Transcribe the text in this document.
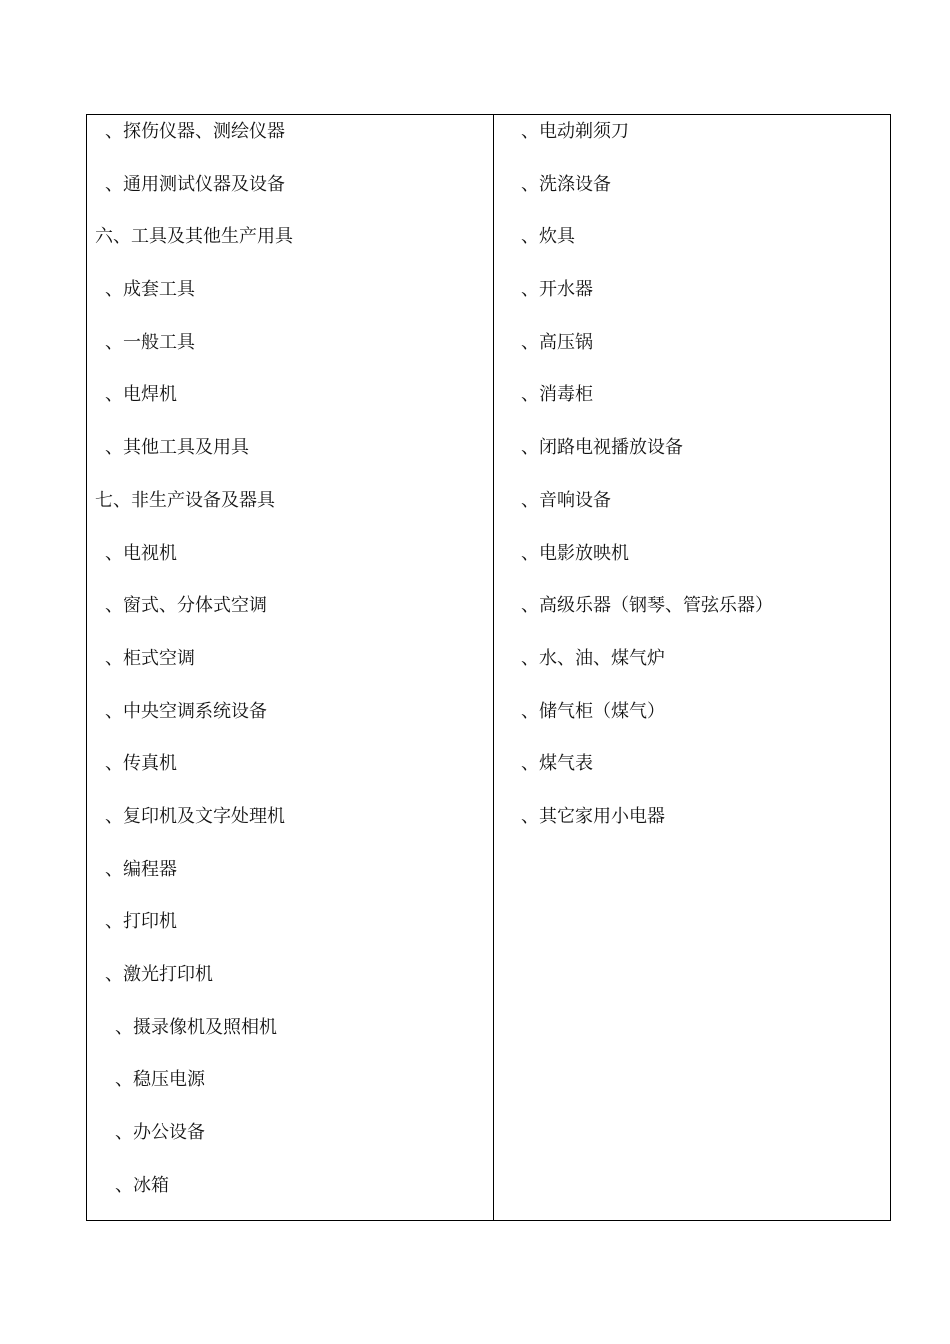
、探伤仪器、测绘仪器
、通用测试仪器及设备
六、工具及其他生产用具
、成套工具
、一般工具
、电焊机
、其他工具及用具
七、非生产设备及器具
、电视机
、窗式、分体式空调
、柜式空调
、中央空调系统设备
、传真机
、复印机及文字处理机
、编程器
、打印机
、激光打印机
、摄录像机及照相机
、稳压电源
、办公设备
、冰箱
、电动剃须刀
、洗涤设备
、炊具
、开水器
、高压锅
、消毒柜
、闭路电视播放设备
、音响设备
、电影放映机
、高级乐器（钢琴、管弦乐器）
、水、油、煤气炉
、储气柜（煤气）
、煤气表
、其它家用小电器
